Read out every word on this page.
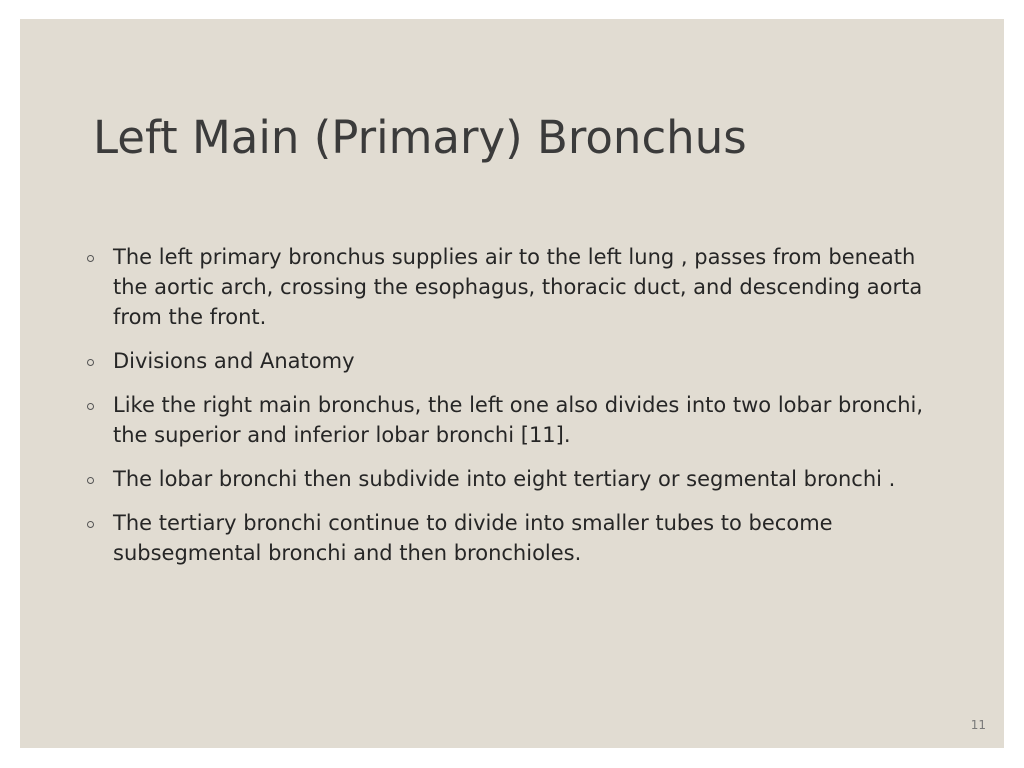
Left Main (Primary) Bronchus
The left primary bronchus supplies air to the left lung , passes from beneath the aortic arch, crossing the esophagus, thoracic duct, and descending aorta from the front.
Divisions and Anatomy
Like the right main bronchus, the left one also divides into two lobar bronchi, the superior and inferior lobar bronchi [11].
The lobar bronchi then subdivide into eight tertiary or segmental bronchi .
The tertiary bronchi continue to divide into smaller tubes to become subsegmental bronchi and then bronchioles.
11
